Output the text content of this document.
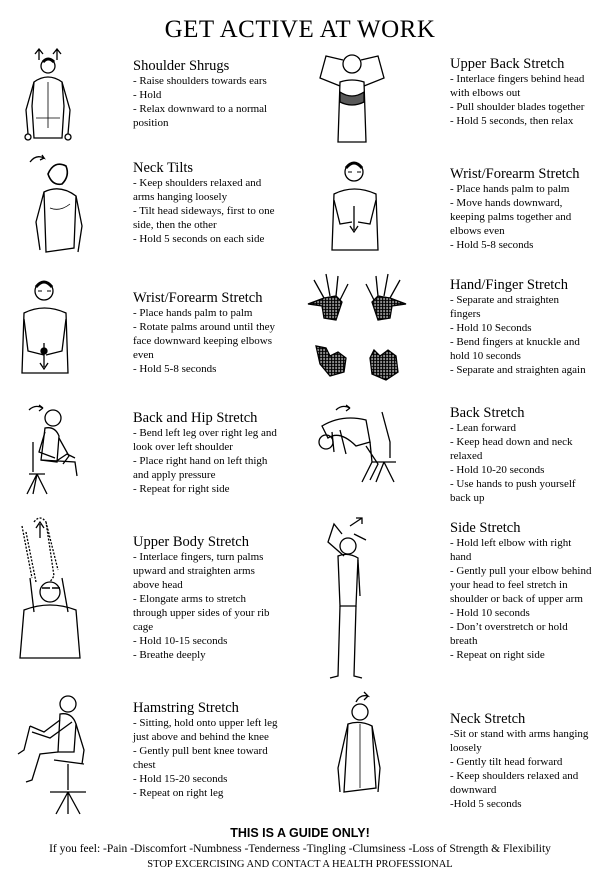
GET ACTIVE AT WORK
Shoulder Shrugs
- Raise shoulders towards ears
- Hold
- Relax downward to a normal position
Neck Tilts
- Keep shoulders relaxed and arms hanging loosely
- Tilt head sideways, first to one side, then the other
- Hold 5 seconds on each side
Wrist/Forearm Stretch
- Place hands palm to palm
- Rotate palms around until they face downward keeping elbows even
- Hold 5-8 seconds
Back and Hip Stretch
- Bend left leg over right leg and look over left shoulder
- Place right hand on left thigh and apply pressure
- Repeat for right side
Upper Body Stretch
- Interlace fingers, turn palms upward and straighten arms above head
- Elongate arms to stretch through upper sides of your rib cage
- Hold 10-15 seconds
- Breathe deeply
Hamstring Stretch
- Sitting, hold onto upper left leg just above and behind the knee
- Gently pull bent knee toward chest
- Hold 15-20 seconds
- Repeat on right leg
Upper Back Stretch
- Interlace fingers behind head with elbows out
- Pull shoulder blades together
- Hold 5 seconds, then relax
Wrist/Forearm Stretch
- Place hands palm to palm
- Move hands downward, keeping palms together and elbows even
- Hold 5-8 seconds
Hand/Finger Stretch
- Separate and straighten fingers
- Hold 10 Seconds
- Bend fingers at knuckle and hold 10 seconds
- Separate and straighten again
Back Stretch
- Lean forward
- Keep head down and neck relaxed
- Hold 10-20 seconds
- Use hands to push yourself back up
Side Stretch
- Hold left elbow with right hand
- Gently pull your elbow behind your head to feel stretch in shoulder or back of upper arm
- Hold 10 seconds
- Don’t overstretch or hold breath
- Repeat on right side
Neck Stretch
-Sit or stand with arms hanging loosely
- Gently tilt head forward
- Keep shoulders relaxed and downward
-Hold 5 seconds
THIS IS A GUIDE ONLY!
If you feel: -Pain -Discomfort -Numbness -Tenderness -Tingling -Clumsiness -Loss of Strength & Flexibility
STOP EXCERCISING AND CONTACT A HEALTH PROFESSIONAL
